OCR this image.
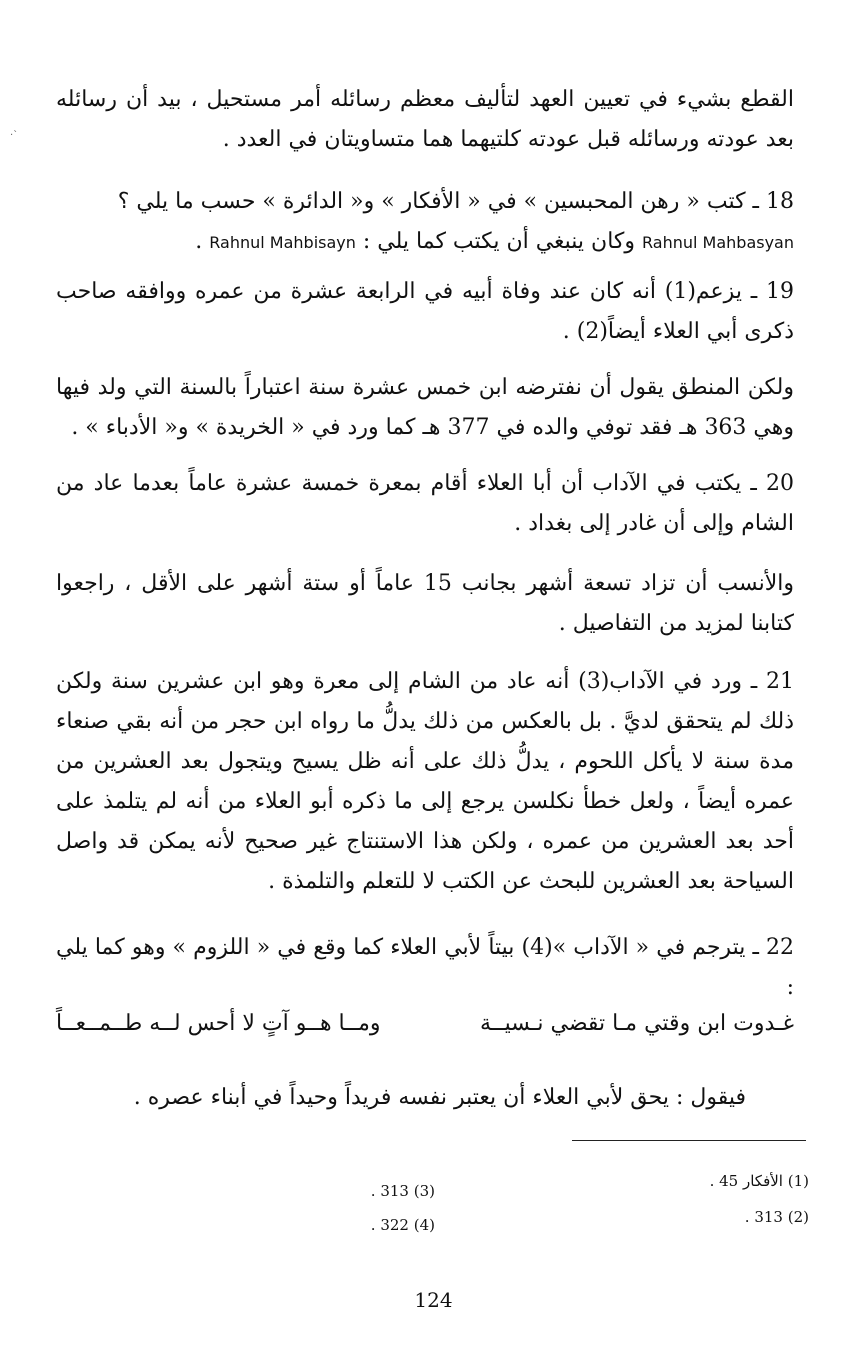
·ˋ

القطع بشيء في تعيين العهد لتأليف معظم رسائله أمر مستحيل ، بيد أن رسائله بعد عودته ورسائله قبل عودته كلتيهما هما متساويتان في العدد .

18 ـ كتب « رهن المحبسين » في « الأفكار » و« الدائرة » حسب ما يلي ؟
Rahnul Mahbasyan وكان ينبغي أن يكتب كما يلي : Rahnul Mahbisayn .

19 ـ يزعم(1) أنه كان عند وفاة أبيه في الرابعة عشرة من عمره ووافقه صاحب ذكرى أبي العلاء أيضاً(2) .

ولكن المنطق يقول أن نفترضه ابن خمس عشرة سنة اعتباراً بالسنة التي ولد فيها وهي 363 هـ فقد توفي والده في 377 هـ كما ورد في « الخريدة » و« الأدباء » .

20 ـ يكتب في الآداب أن أبا العلاء أقام بمعرة خمسة عشرة عاماً بعدما عاد من الشام وإلى أن غادر إلى بغداد .

والأنسب أن تزاد تسعة أشهر بجانب 15 عاماً أو ستة أشهر على الأقل ، راجعوا كتابنا لمزيد من التفاصيل .

21 ـ ورد في الآداب(3) أنه عاد من الشام إلى معرة وهو ابن عشرين سنة ولكن ذلك لم يتحقق لديَّ . بل بالعكس من ذلك يدلُّ ما رواه ابن حجر من أنه بقي صنعاء مدة سنة لا يأكل اللحوم ، يدلُّ ذلك على أنه ظل يسيح ويتجول بعد العشرين من عمره أيضاً ، ولعل خطأ نكلسن يرجع إلى ما ذكره أبو العلاء من أنه لم يتلمذ على أحد بعد العشرين من عمره ، ولكن هذا الاستنتاج غير صحيح لأنه يمكن قد واصل السياحة بعد العشرين للبحث عن الكتب لا للتعلم والتلمذة .

22 ـ يترجم في « الآداب »(4) بيتاً لأبي العلاء كما وقع في « اللزوم » وهو كما يلي :

غـدوت ابن وقتي مـا تقضي نـسيــة
ومــا هــو آتٍ لا أحس لــه طــمــعــاً

فيقول : يحق لأبي العلاء أن يعتبر نفسه فريداً وحيداً في أبناء عصره .

(1) الأفكار 45 .
(2) 313 .
(3) 313 .
(4) 322 .
124
